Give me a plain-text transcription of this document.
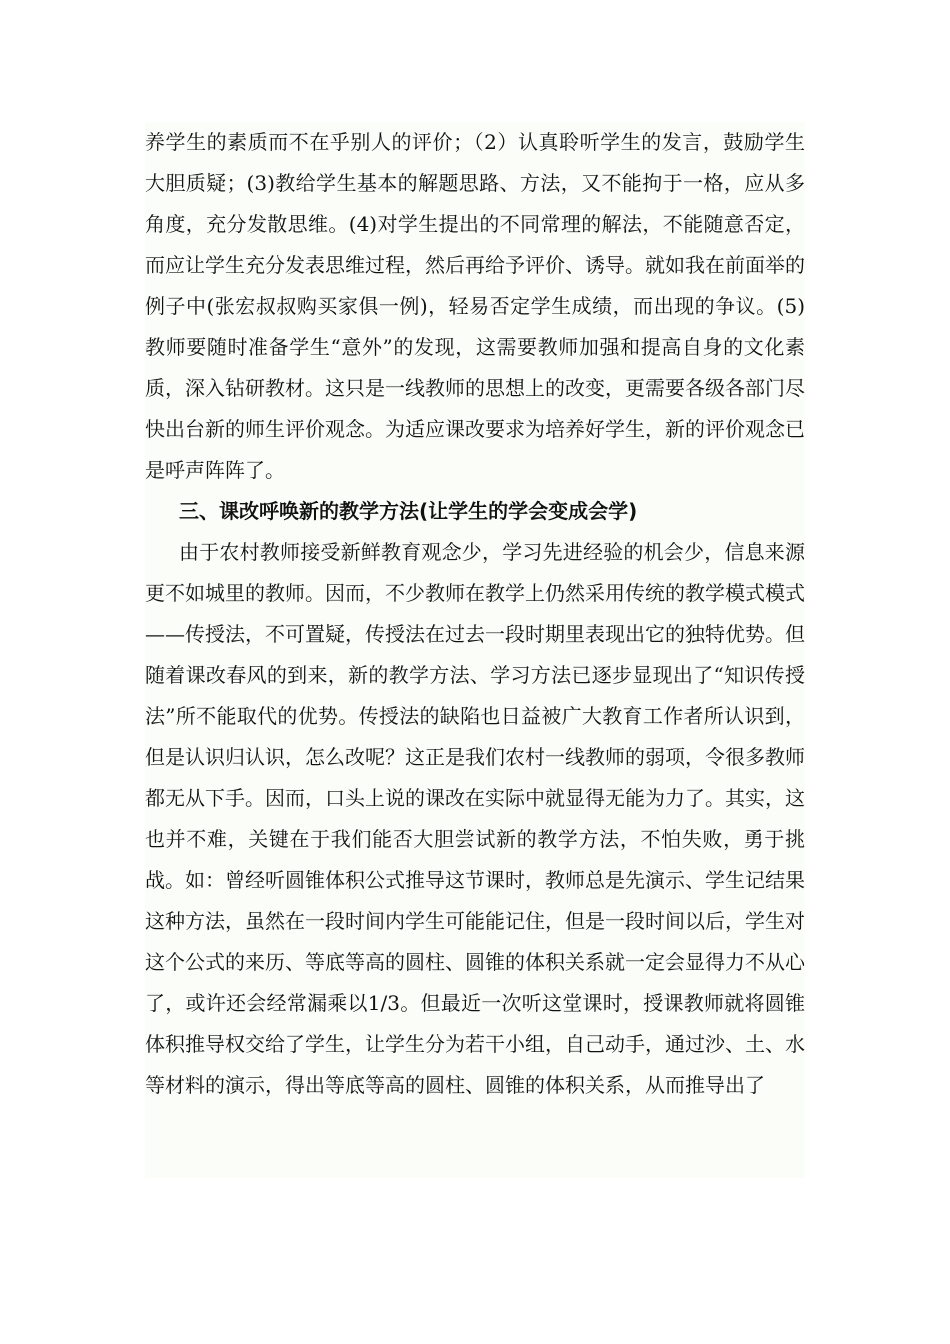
养学生的素质而不在乎别人的评价；（2）认真聆听学生的发言，鼓励学生大胆质疑；(3)教给学生基本的解题思路、方法，又不能拘于一格，应从多角度，充分发散思维。(4)对学生提出的不同常理的解法，不能随意否定，而应让学生充分发表思维过程，然后再给予评价、诱导。就如我在前面举的例子中(张宏叔叔购买家俱一例)，轻易否定学生成绩，而出现的争议。(5)教师要随时准备学生“意外”的发现，这需要教师加强和提高自身的文化素质，深入钻研教材。这只是一线教师的思想上的改变，更需要各级各部门尽快出台新的师生评价观念。为适应课改要求为培养好学生，新的评价观念已是呼声阵阵了。

三、课改呼唤新的教学方法(让学生的学会变成会学)

由于农村教师接受新鲜教育观念少，学习先进经验的机会少，信息来源更不如城里的教师。因而，不少教师在教学上仍然采用传统的教学模式模式——传授法，不可置疑，传授法在过去一段时期里表现出它的独特优势。但随着课改春风的到来，新的教学方法、学习方法已逐步显现出了“知识传授法”所不能取代的优势。传授法的缺陷也日益被广大教育工作者所认识到，但是认识归认识，怎么改呢？这正是我们农村一线教师的弱项，令很多教师都无从下手。因而，口头上说的课改在实际中就显得无能为力了。其实，这也并不难，关键在于我们能否大胆尝试新的教学方法，不怕失败，勇于挑战。如：曾经听圆锥体积公式推导这节课时，教师总是先演示、学生记结果这种方法，虽然在一段时间内学生可能能记住，但是一段时间以后，学生对这个公式的来历、等底等高的圆柱、圆锥的体积关系就一定会显得力不从心了，或许还会经常漏乘以1/3。但最近一次听这堂课时，授课教师就将圆锥体积推导权交给了学生，让学生分为若干小组，自己动手，通过沙、土、水等材料的演示，得出等底等高的圆柱、圆锥的体积关系，从而推导出了
